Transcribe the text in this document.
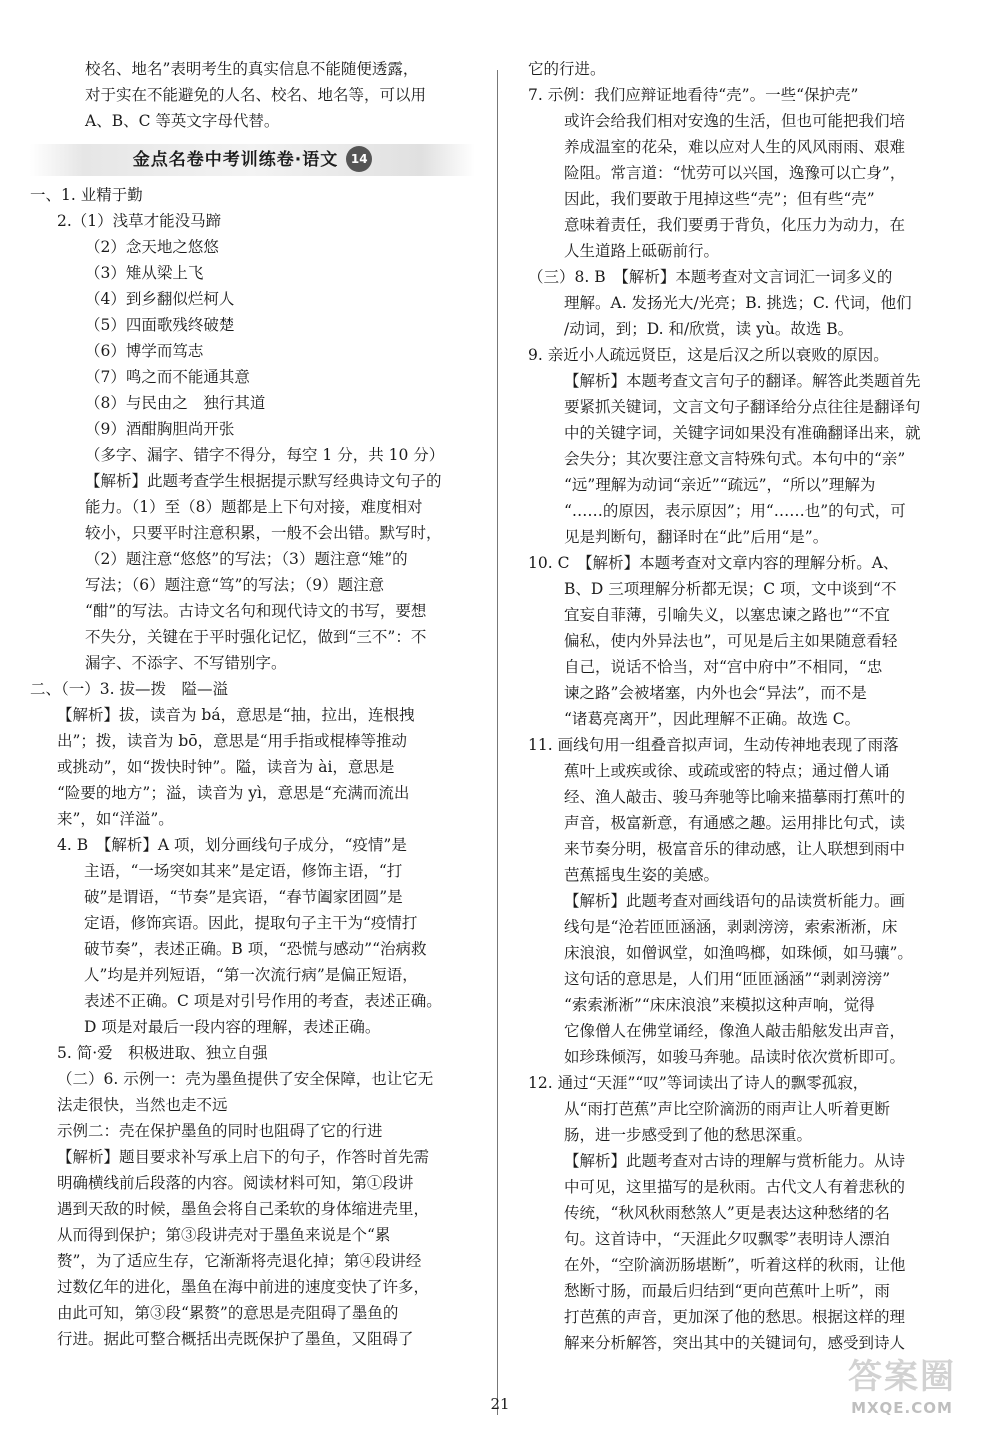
校名、地名”表明考生的真实信息不能随便透露，

对于实在不能避免的人名、校名、地名等，可以用

A、B、C 等英文字母代替。

金点名卷中考训练卷·语文 14

一、1. 业精于勤

2.（1）浅草才能没马蹄

（2）念天地之悠悠

（3）雉从梁上飞

（4）到乡翻似烂柯人

（5）四面歌残终破楚

（6）博学而笃志

（7）鸣之而不能通其意

（8）与民由之　独行其道

（9）酒酣胸胆尚开张

（多字、漏字、错字不得分，每空 1 分，共 10 分）

【解析】此题考查学生根据提示默写经典诗文句子的

能力。（1）至（8）题都是上下句对接，难度相对

较小，只要平时注意积累，一般不会出错。默写时，

（2）题注意“悠悠”的写法；（3）题注意“雉”的

写法；（6）题注意“笃”的写法；（9）题注意

“酣”的写法。古诗文名句和现代诗文的书写，要想

不失分，关键在于平时强化记忆，做到“三不”：不

漏字、不添字、不写错别字。

二、（一）3. 拔—拨　隘—溢

【解析】拔，读音为 bá，意思是“抽，拉出，连根拽

出”；拨，读音为 bō，意思是“用手指或棍棒等推动

或挑动”，如“拨快时钟”。隘，读音为 ài，意思是

“险要的地方”；溢，读音为 yì，意思是“充满而流出

来”，如“洋溢”。

4. B　【解析】A 项，划分画线句子成分，“疫情”是

主语，“一场突如其来”是定语，修饰主语，“打

破”是谓语，“节奏”是宾语，“春节阖家团圆”是

定语，修饰宾语。因此，提取句子主干为“疫情打

破节奏”，表述正确。B 项，“恐慌与感动”“治病救

人”均是并列短语，“第一次流行病”是偏正短语，

表述不正确。C 项是对引号作用的考查，表述正确。

D 项是对最后一段内容的理解，表述正确。

5. 简·爱　积极进取、独立自强

（二）6. 示例一：壳为墨鱼提供了安全保障，也让它无

法走很快，当然也走不远

示例二：壳在保护墨鱼的同时也阻碍了它的行进

【解析】题目要求补写承上启下的句子，作答时首先需

明确横线前后段落的内容。阅读材料可知，第①段讲

遇到天敌的时候，墨鱼会将自己柔软的身体缩进壳里，

从而得到保护；第③段讲壳对于墨鱼来说是个“累

赘”，为了适应生存，它渐渐将壳退化掉；第④段讲经

过数亿年的进化，墨鱼在海中前进的速度变快了许多，

由此可知，第③段“累赘”的意思是壳阻碍了墨鱼的

行进。据此可整合概括出壳既保护了墨鱼，又阻碍了

它的行进。

7. 示例：我们应辩证地看待“壳”。一些“保护壳”

或许会给我们相对安逸的生活，但也可能把我们培

养成温室的花朵，难以应对人生的风风雨雨、艰难

险阻。常言道：“忧劳可以兴国，逸豫可以亡身”，

因此，我们要敢于甩掉这些“壳”；但有些“壳”

意味着责任，我们要勇于背负，化压力为动力，在

人生道路上砥砺前行。

（三）8. B　【解析】本题考查对文言词汇一词多义的

理解。A. 发扬光大/光亮；B. 挑选；C. 代词，他们

/动词，到；D. 和/欣赏，读 yù。故选 B。

9. 亲近小人疏远贤臣，这是后汉之所以衰败的原因。

【解析】本题考查文言句子的翻译。解答此类题首先

要紧抓关键词，文言文句子翻译给分点往往是翻译句

中的关键字词，关键字词如果没有准确翻译出来，就

会失分；其次要注意文言特殊句式。本句中的“亲”

“远”理解为动词“亲近”“疏远”，“所以”理解为

“……的原因，表示原因”；用“……也”的句式，可

见是判断句，翻译时在“此”后用“是”。

10. C　【解析】本题考查对文章内容的理解分析。A、

B、D 三项理解分析都无误；C 项，文中谈到“不

宜妄自菲薄，引喻失义，以塞忠谏之路也”“不宜

偏私，使内外异法也”，可见是后主如果随意看轻

自己，说话不恰当，对“宫中府中”不相同，“忠

谏之路”会被堵塞，内外也会“异法”，而不是

“诸葛亮离开”，因此理解不正确。故选 C。

11. 画线句用一组叠音拟声词，生动传神地表现了雨落

蕉叶上或疾或徐、或疏或密的特点；通过僧人诵

经、渔人敲击、骏马奔驰等比喻来描摹雨打蕉叶的

声音，极富新意，有通感之趣。运用排比句式，读

来节奏分明，极富音乐的律动感，让人联想到雨中

芭蕉摇曳生姿的美感。

【解析】此题考查对画线语句的品读赏析能力。画

线句是“沧若匝匝涵涵，剥剥滂滂，索索淅淅，床

床浪浪，如僧讽堂，如渔鸣榔，如珠倾，如马骧”。

这句话的意思是，人们用“匝匝涵涵”“剥剥滂滂”

“索索淅淅”“床床浪浪”来模拟这种声响，觉得

它像僧人在佛堂诵经，像渔人敲击船舷发出声音，

如珍珠倾泻，如骏马奔驰。品读时依次赏析即可。

12. 通过“天涯”“叹”等词读出了诗人的飘零孤寂，

从“雨打芭蕉”声比空阶滴沥的雨声让人听着更断

肠，进一步感受到了他的愁思深重。

【解析】此题考查对古诗的理解与赏析能力。从诗

中可见，这里描写的是秋雨。古代文人有着悲秋的

传统，“秋风秋雨愁煞人”更是表达这种愁绪的名

句。这首诗中，“天涯此夕叹飘零”表明诗人漂泊

在外，“空阶滴沥肠堪断”，听着这样的秋雨，让他

愁断寸肠，而最后归结到“更向芭蕉叶上听”，雨

打芭蕉的声音，更加深了他的愁思。根据这样的理

解来分析解答，突出其中的关键词句，感受到诗人

21
答案圈
MXQE.COM
